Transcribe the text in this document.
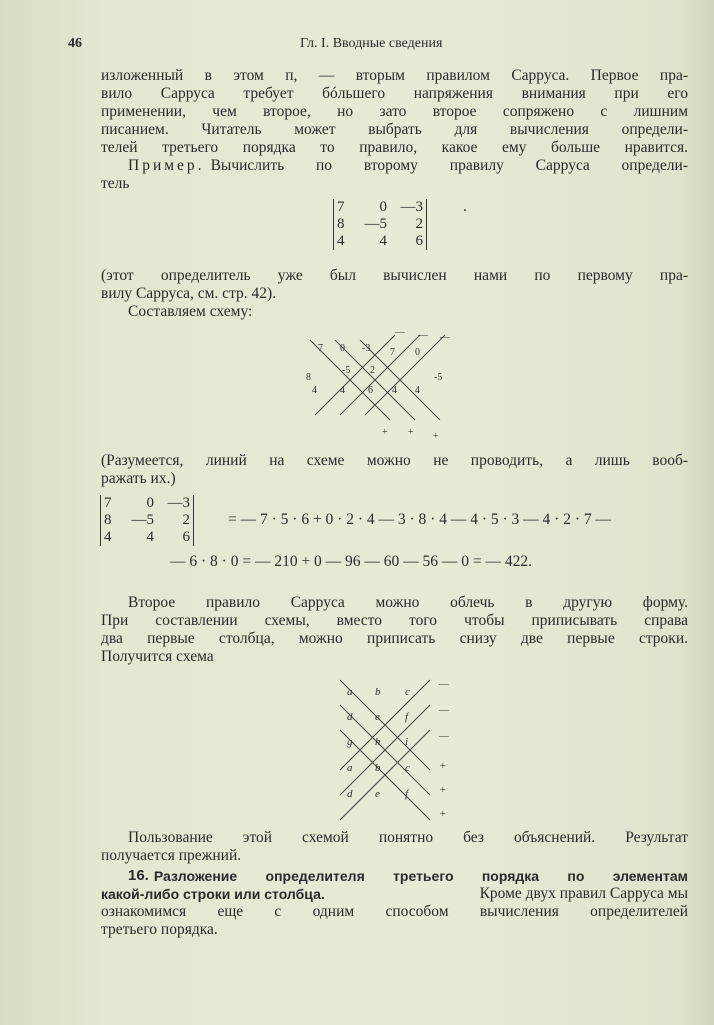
46	Гл. I. Вводные сведения
изложенный в этом п, — вторым правилом Саррусa. Первое пра-
вило Саррусa требует бóльшего напряжения внимания при его
применении, чем второе, но зато второе сопряжено с лишним
писанием. Читатель может выбрать для вычисления определи-
телей третьего порядка то правило, какое ему больше нравится.
Пример. Вычислить по второму правилу Саррусa определи-
тель
7	0 —3
8	—5	2
4	4	6
.
(этот определитель уже был вычислен нами по первому пра-
вилу Саррусa, см. стр. 42).
Составляем схему:
7 0 -3
2
-5
4 4 6
7 0
4 4
8	-5
— — —
+ + +
(Разумеется, линий на схеме можно не проводить, а лишь вооб-
ражать их.)
7	0 —3
8	—5	2
4	4	6
= — 7 · 5 · 6 + 0 · 2 · 4 — 3 · 8 · 4 — 4 · 5 · 3 — 4 · 2 · 7 —
— 6 · 8 · 0 = — 210 + 0 — 96 — 60 — 56 — 0 = — 422.
Второе правило Саррусa можно облечь в другую форму.
При составлении схемы, вместо того чтобы приписывать справа
два первые столбца, можно приписать снизу две первые строки.
Получится схема
a b c
d e f
g h i
a b c
d e f
—
—
—
+
+
+
Пользование этой схемой понятно без объяснений. Результат
получается прежний.
16. Разложение определителя третьего порядка по элементам
какой-либо строки или столбца.	Кроме двух правил Саррусa мы
ознакомимся еще с одним способом вычисления определителей
третьего порядка.
